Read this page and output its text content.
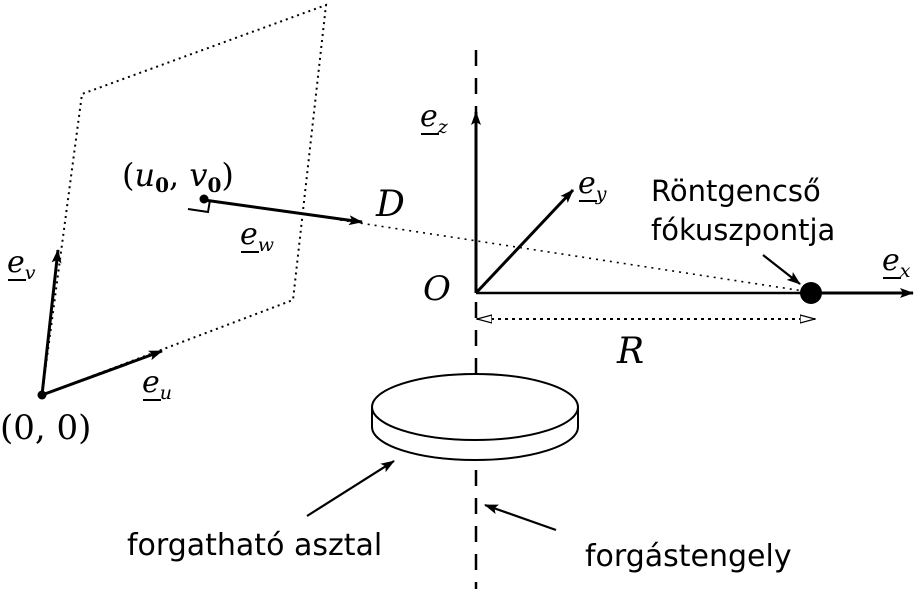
(0, 0)
(u0, v0)
$e_v$
$e_u$
$e_w$
$e_z$
$e_y$
$e_x$
D
O
R
Röntgencső
fókuszpontja
forgatható asztal	forgástengely
